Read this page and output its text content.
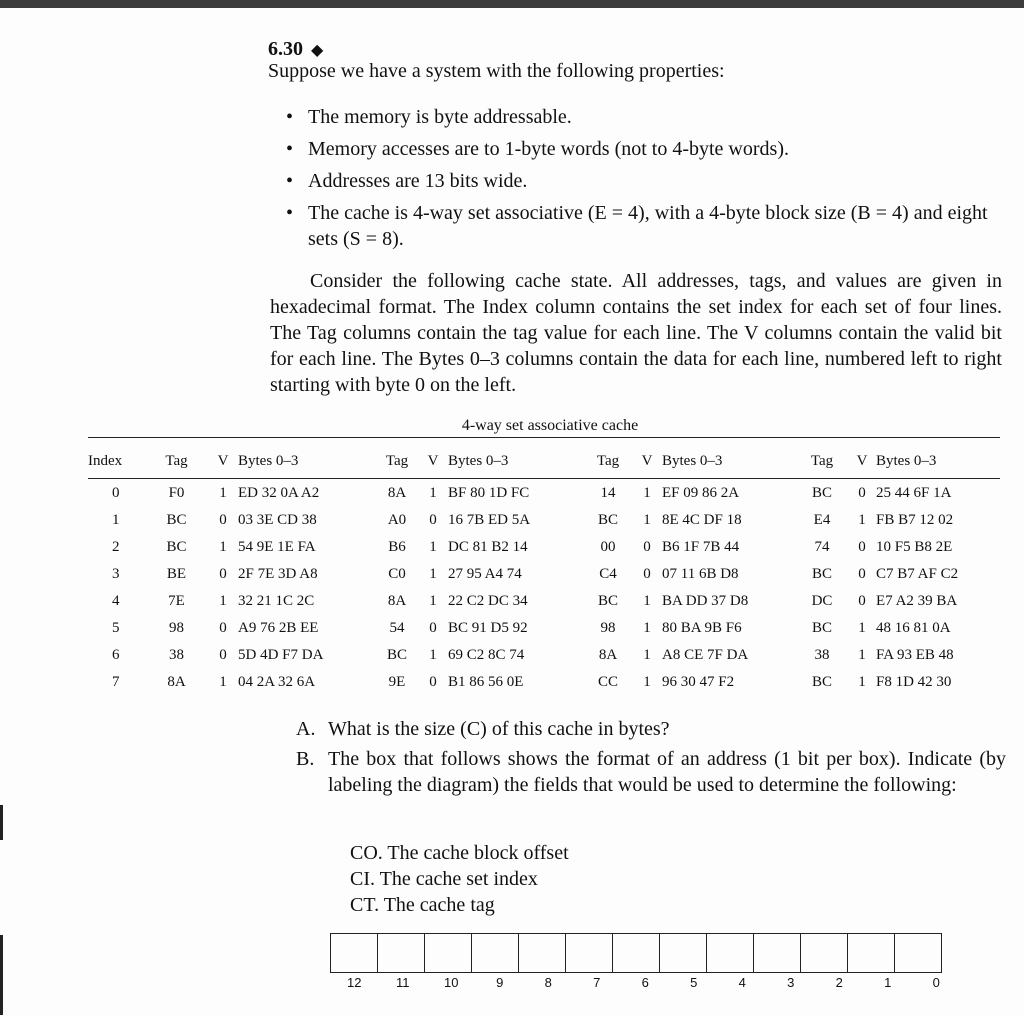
6.30 ◆
Suppose we have a system with the following properties:
• The memory is byte addressable.
• Memory accesses are to 1-byte words (not to 4-byte words).
• Addresses are 13 bits wide.
• The cache is 4-way set associative (E = 4), with a 4-byte block size (B = 4) and eight sets (S = 8).
Consider the following cache state. All addresses, tags, and values are given in hexadecimal format. The Index column contains the set index for each set of four lines. The Tag columns contain the tag value for each line. The V columns contain the valid bit for each line. The Bytes 0–3 columns contain the data for each line, numbered left to right starting with byte 0 on the left.
4-way set associative cache
Index	Tag	V	Bytes 0–3	Tag	V	Bytes 0–3	Tag	V	Bytes 0–3	Tag	V	Bytes 0–3
0	F0	1	ED 32 0A A2	8A	1	BF 80 1D FC	14	1	EF 09 86 2A	BC	0	25 44 6F 1A
1	BC	0	03 3E CD 38	A0	0	16 7B ED 5A	BC	1	8E 4C DF 18	E4	1	FB B7 12 02
2	BC	1	54 9E 1E FA	B6	1	DC 81 B2 14	00	0	B6 1F 7B 44	74	0	10 F5 B8 2E
3	BE	0	2F 7E 3D A8	C0	1	27 95 A4 74	C4	0	07 11 6B D8	BC	0	C7 B7 AF C2
4	7E	1	32 21 1C 2C	8A	1	22 C2 DC 34	BC	1	BA DD 37 D8	DC	0	E7 A2 39 BA
5	98	0	A9 76 2B EE	54	0	BC 91 D5 92	98	1	80 BA 9B F6	BC	1	48 16 81 0A
6	38	0	5D 4D F7 DA	BC	1	69 C2 8C 74	8A	1	A8 CE 7F DA	38	1	FA 93 EB 48
7	8A	1	04 2A 32 6A	9E	0	B1 86 56 0E	CC	1	96 30 47 F2	BC	1	F8 1D 42 30
A. What is the size (C) of this cache in bytes?
B. The box that follows shows the format of an address (1 bit per box). Indicate (by labeling the diagram) the fields that would be used to determine the following:
CO. The cache block offset
CI. The cache set index
CT. The cache tag
12	11	10	9	8	7	6	5	4	3	2	1	0
